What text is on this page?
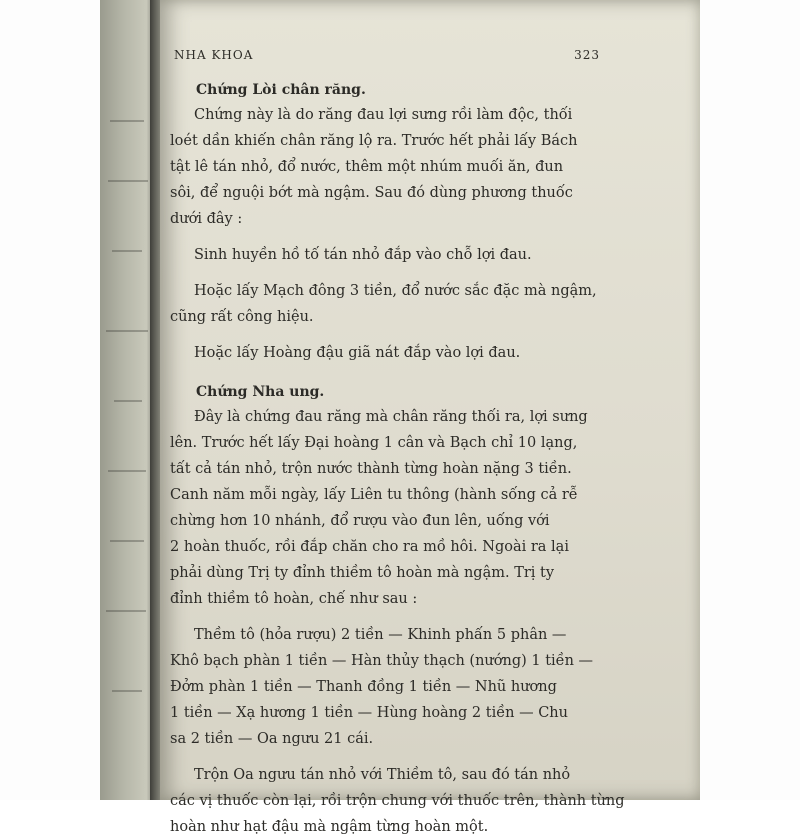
NHA KHOA	323
Chứng Lòi chân răng.
Chứng này là do răng đau lợi sưng rồi làm độc, thối
loét dần khiến chân răng lộ ra. Trước hết phải lấy Bách
tật lê tán nhỏ, đổ nước, thêm một nhúm muối ăn, đun
sôi, để nguội bớt mà ngậm. Sau đó dùng phương thuốc
dưới đây :
Sinh huyền hồ tố tán nhỏ đắp vào chỗ lợi đau.
Hoặc lấy Mạch đông 3 tiền, đổ nước sắc đặc mà ngậm,
cũng rất công hiệu.
Hoặc lấy Hoàng đậu giã nát đắp vào lợi đau.
Chứng Nha ung.
Đây là chứng đau răng mà chân răng thối ra, lợi sưng
lên. Trước hết lấy Đại hoàng 1 cân và Bạch chỉ 10 lạng,
tất cả tán nhỏ, trộn nước thành từng hoàn nặng 3 tiền.
Canh năm mỗi ngày, lấy Liên tu thông (hành sống cả rễ
chừng hơn 10 nhánh, đổ rượu vào đun lên, uống với
2 hoàn thuốc, rồi đắp chăn cho ra mồ hôi. Ngoài ra lại
phải dùng Trị ty đỉnh thiềm tô hoàn mà ngậm. Trị ty
đỉnh thiềm tô hoàn, chế như sau :
Thềm tô (hỏa rượu) 2 tiền — Khinh phấn 5 phân —
Khô bạch phàn 1 tiền — Hàn thủy thạch (nướng) 1 tiền —
Đởm phàn 1 tiền — Thanh đồng 1 tiền — Nhũ hương
1 tiền — Xạ hương 1 tiền — Hùng hoàng 2 tiền — Chu
sa 2 tiền — Oa ngưu 21 cái.
Trộn Oa ngưu tán nhỏ với Thiềm tô, sau đó tán nhỏ
các vị thuốc còn lại, rồi trộn chung với thuốc trên, thành từng
hoàn như hạt đậu mà ngậm từng hoàn một.
